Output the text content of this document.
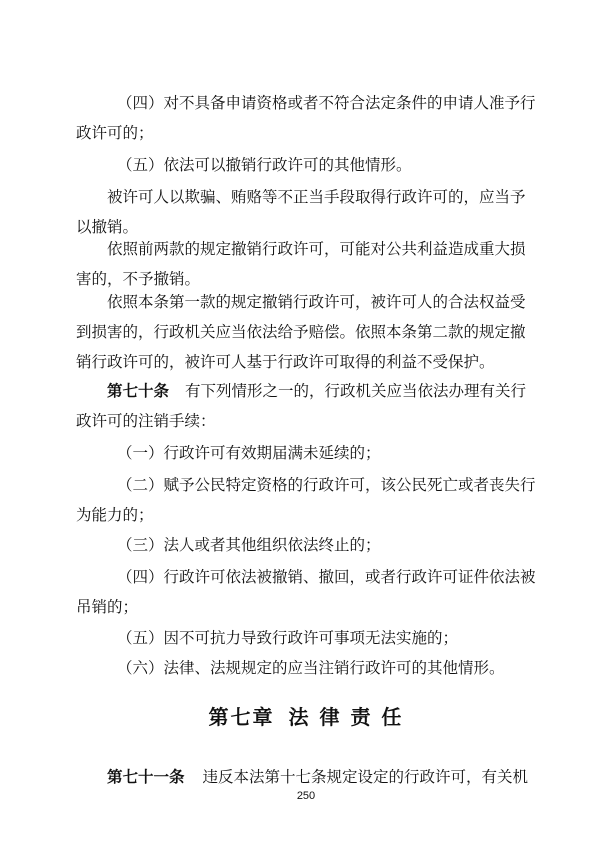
（四）对不具备申请资格或者不符合法定条件的申请人准予行
政许可的；

（五）依法可以撤销行政许可的其他情形。

被许可人以欺骗、贿赂等不正当手段取得行政许可的，应当予
以撤销。

依照前两款的规定撤销行政许可，可能对公共利益造成重大损
害的，不予撤销。

依照本条第一款的规定撤销行政许可，被许可人的合法权益受
到损害的，行政机关应当依法给予赔偿。依照本条第二款的规定撤
销行政许可的，被许可人基于行政许可取得的利益不受保护。

第七十条 有下列情形之一的，行政机关应当依法办理有关行
政许可的注销手续：

（一）行政许可有效期届满未延续的；

（二）赋予公民特定资格的行政许可，该公民死亡或者丧失行
为能力的；

（三）法人或者其他组织依法终止的；

（四）行政许可依法被撤销、撤回，或者行政许可证件依法被
吊销的；

（五）因不可抗力导致行政许可事项无法实施的；

（六）法律、法规规定的应当注销行政许可的其他情形。

第七章 法 律 责 任

第七十一条 违反本法第十七条规定设定的行政许可，有关机

250
